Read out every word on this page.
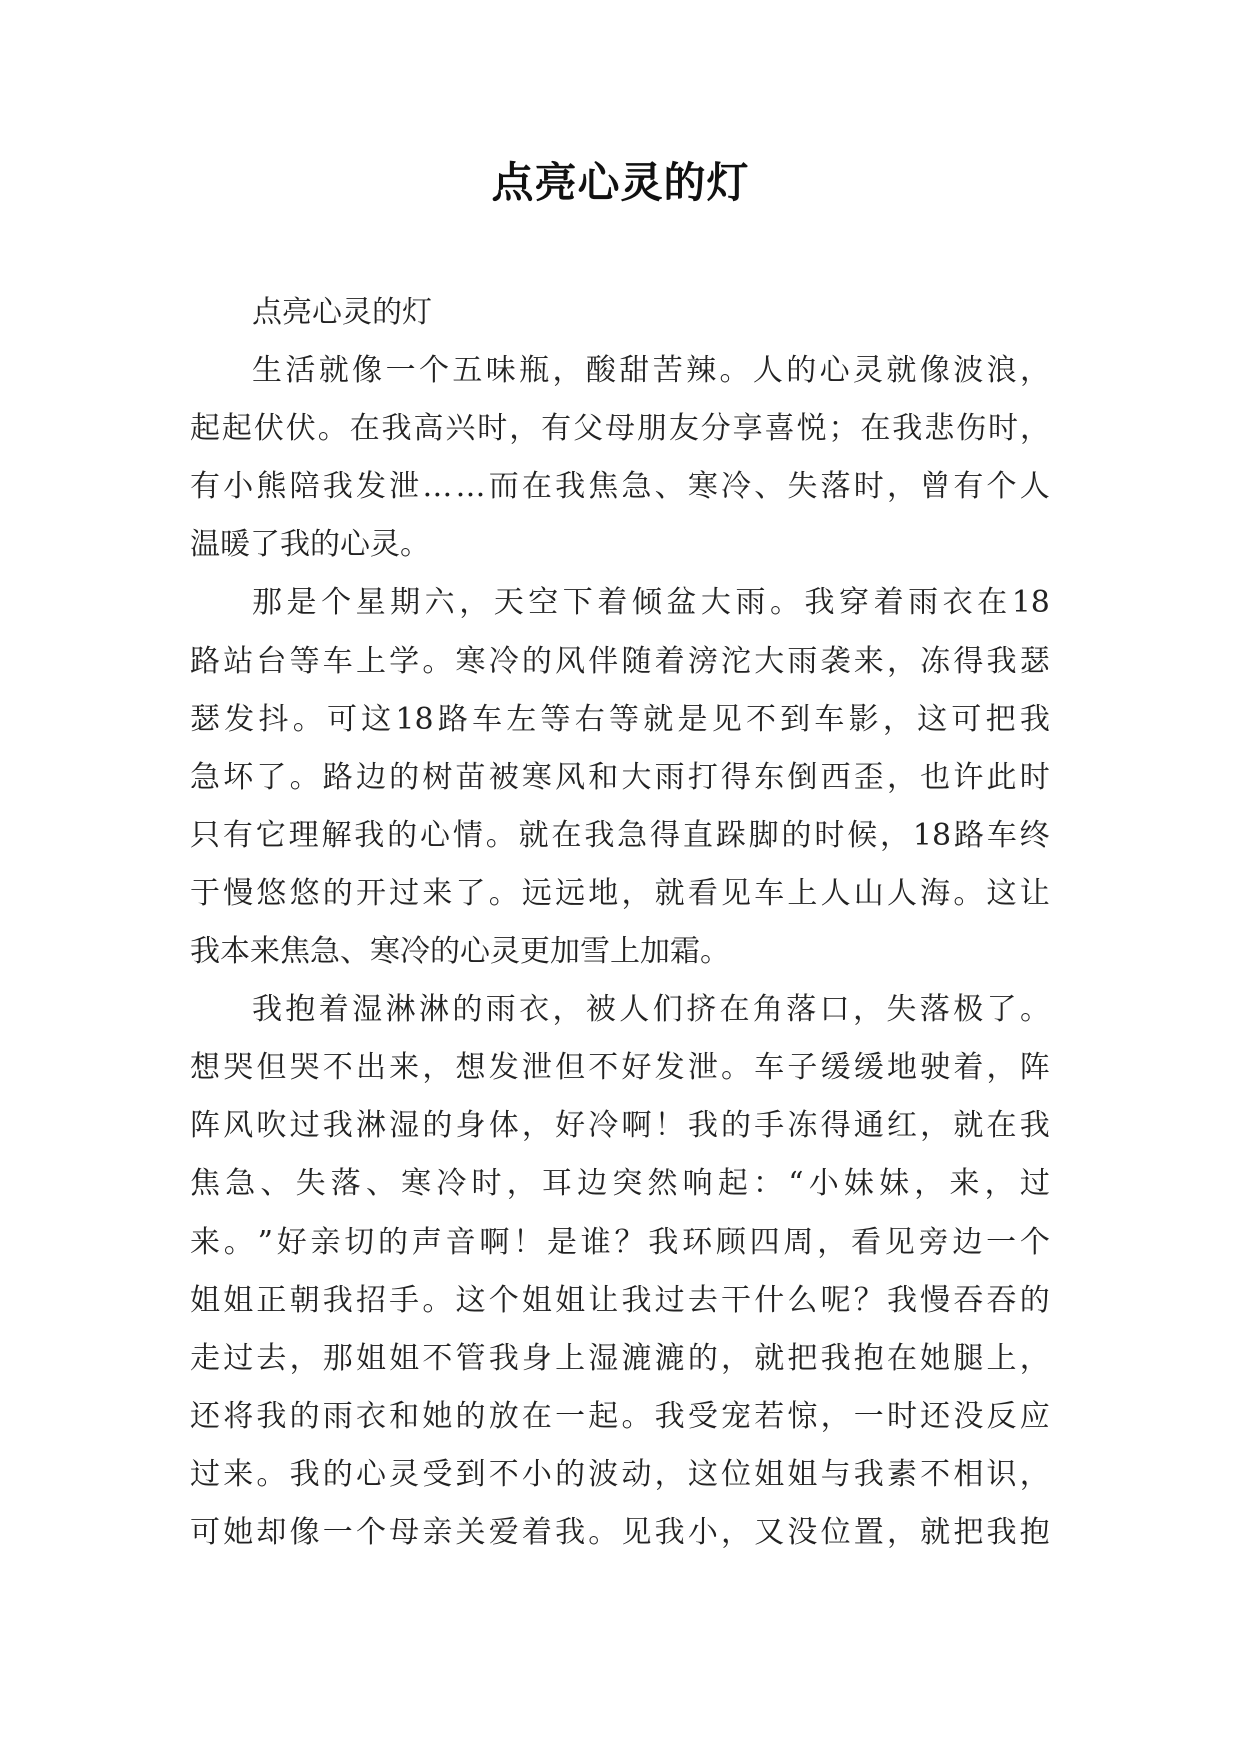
点亮心灵的灯
点亮心灵的灯
生 活 就 像 一 个 五 味 瓶 ， 酸 甜 苦 辣 。 人 的 心 灵 就 像 波 浪 ，
起 起 伏 伏 。 在 我 高 兴 时 ， 有 父 母 朋 友 分 享 喜 悦 ； 在 我 悲 伤 时 ，
有 小 熊 陪 我 发 泄 … … 而 在 我 焦 急 、 寒 冷 、 失 落 时 ， 曾 有 个 人
温暖了我的心灵。
那 是 个 星 期 六 ， 天 空 下 着 倾 盆 大 雨 。 我 穿 着 雨 衣 在 18
路 站 台 等 车 上 学 。 寒 冷 的 风 伴 随 着 滂 沱 大 雨 袭 来 ， 冻 得 我 瑟
瑟 发 抖 。 可 这 18 路 车 左 等 右 等 就 是 见 不 到 车 影 ， 这 可 把 我
急 坏 了 。 路 边 的 树 苗 被 寒 风 和 大 雨 打 得 东 倒 西 歪 ， 也 许 此 时
只 有 它 理 解 我 的 心 情 。 就 在 我 急 得 直 跺 脚 的 时 候 ， 18 路 车 终
于 慢 悠 悠 的 开 过 来 了 。 远 远 地 ， 就 看 见 车 上 人 山 人 海 。 这 让
我本来焦急、寒冷的心灵更加雪上加霜。
我 抱 着 湿 淋 淋 的 雨 衣 ， 被 人 们 挤 在 角 落 口 ， 失 落 极 了 。
想 哭 但 哭 不 出 来 ， 想 发 泄 但 不 好 发 泄 。 车 子 缓 缓 地 驶 着 ， 阵
阵 风 吹 过 我 淋 湿 的 身 体 ， 好 冷 啊 ！ 我 的 手 冻 得 通 红 ， 就 在 我
焦 急 、 失 落 、 寒 冷 时 ， 耳 边 突 然 响 起 ： “ 小 妹 妹 ， 来 ， 过
来 。 ” 好 亲 切 的 声 音 啊 ！ 是 谁 ？ 我 环 顾 四 周 ， 看 见 旁 边 一 个
姐 姐 正 朝 我 招 手 。 这 个 姐 姐 让 我 过 去 干 什 么 呢 ？ 我 慢 吞 吞 的
走 过 去 ， 那 姐 姐 不 管 我 身 上 湿 漉 漉 的 ， 就 把 我 抱 在 她 腿 上 ，
还 将 我 的 雨 衣 和 她 的 放 在 一 起 。 我 受 宠 若 惊 ， 一 时 还 没 反 应
过 来 。 我 的 心 灵 受 到 不 小 的 波 动 ， 这 位 姐 姐 与 我 素 不 相 识 ，
可 她 却 像 一 个 母 亲 关 爱 着 我 。 见 我 小 ， 又 没 位 置 ， 就 把 我 抱
